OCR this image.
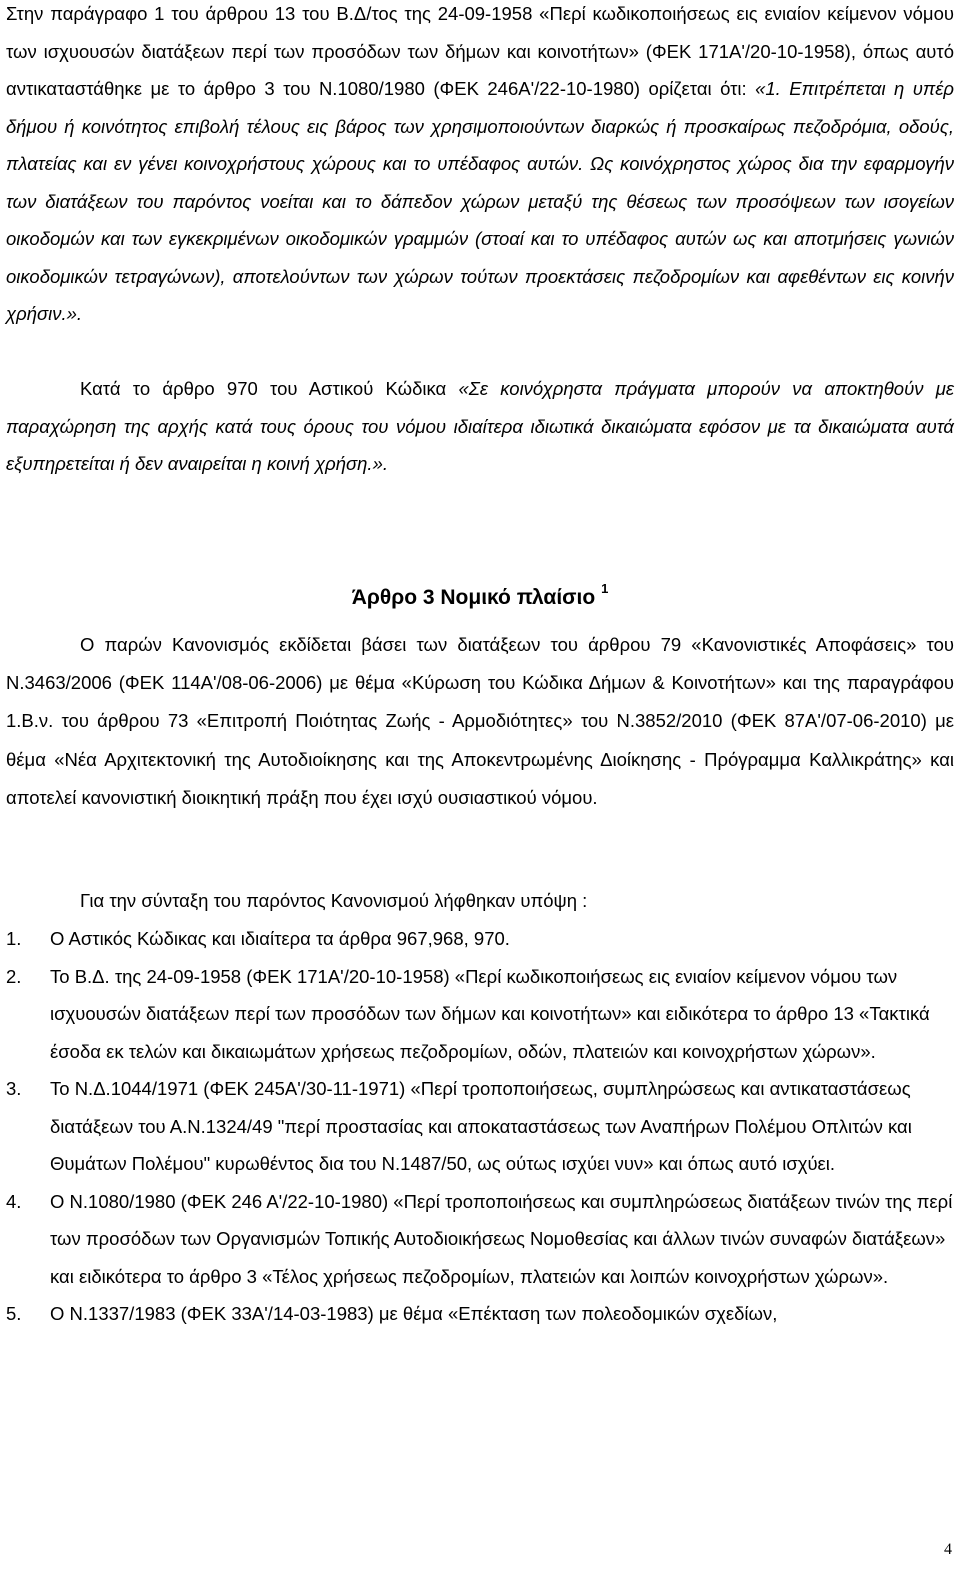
Στην παράγραφο 1 του άρθρου 13 του Β.Δ/τος της 24-09-1958 «Περί κωδικοποιήσεως εις ενιαίον κείμενον νόμου των ισχυουσών διατάξεων περί των προσόδων των δήμων και κοινοτήτων» (ΦΕΚ 171Α'/20-10-1958), όπως αυτό αντικαταστάθηκε με το άρθρο 3 του Ν.1080/1980 (ΦΕΚ 246Α'/22-10-1980) ορίζεται ότι: «1. Επιτρέπεται η υπέρ δήμου ή κοινότητος επιβολή τέλους εις βάρος των χρησιμοποιούντων διαρκώς ή προσκαίρως πεζοδρόμια, οδούς, πλατείας και εν γένει κοινοχρήστους χώρους και το υπέδαφος αυτών. Ως κοινόχρηστος χώρος δια την εφαρμογήν των διατάξεων του παρόντος νοείται και το δάπεδον χώρων μεταξύ της θέσεως των προσόψεων των ισογείων οικοδομών και των εγκεκριμένων οικοδομικών γραμμών (στοαί και το υπέδαφος αυτών ως και αποτμήσεις γωνιών οικοδομικών τετραγώνων), αποτελούντων των χώρων τούτων προεκτάσεις πεζοδρομίων και αφεθέντων εις κοινήν χρήσιν.».
Κατά το άρθρο 970 του Αστικού Κώδικα «Σε κοινόχρηστα πράγματα μπορούν να αποκτηθούν με παραχώρηση της αρχής κατά τους όρους του νόμου ιδιαίτερα ιδιωτικά δικαιώματα εφόσον με τα δικαιώματα αυτά εξυπηρετείται ή δεν αναιρείται η κοινή χρήση.».
Άρθρο 3 Νομικό πλαίσιο $^1$
Ο παρών Κανονισμός εκδίδεται βάσει των διατάξεων του άρθρου 79 «Κανονιστικές Αποφάσεις» του Ν.3463/2006 (ΦΕΚ 114Α'/08-06-2006) με θέμα «Κύρωση του Κώδικα Δήμων & Κοινοτήτων» και της παραγράφου 1.Β.ν. του άρθρου 73 «Επιτροπή Ποιότητας Ζωής - Αρμοδιότητες» του Ν.3852/2010 (ΦΕΚ 87Α'/07-06-2010) με θέμα «Νέα Αρχιτεκτονική της Αυτοδιοίκησης και της Αποκεντρωμένης Διοίκησης - Πρόγραμμα Καλλικράτης» και αποτελεί κανονιστική διοικητική πράξη που έχει ισχύ ουσιαστικού νόμου.
Για την σύνταξη του παρόντος Κανονισμού λήφθηκαν υπόψη :
1. Ο Αστικός Κώδικας και ιδιαίτερα τα άρθρα 967,968, 970.
2. Το Β.Δ. της 24-09-1958 (ΦΕΚ 171Α'/20-10-1958) «Περί κωδικοποιήσεως εις ενιαίον κείμενον νόμου των ισχυουσών διατάξεων περί των προσόδων των δήμων και κοινοτήτων» και ειδικότερα το άρθρο 13 «Τακτικά έσοδα εκ τελών και δικαιωμάτων χρήσεως πεζοδρομίων, οδών, πλατειών και κοινοχρήστων χώρων».
3. Το Ν.Δ.1044/1971 (ΦΕΚ 245Α'/30-11-1971) «Περί τροποποιήσεως, συμπληρώσεως και αντικαταστάσεως διατάξεων του Α.Ν.1324/49 "περί προστασίας και αποκαταστάσεως των Αναπήρων Πολέμου Οπλιτών και Θυμάτων Πολέμου" κυρωθέντος δια του Ν.1487/50, ως ούτως ισχύει νυν» και όπως αυτό ισχύει.
4. Ο Ν.1080/1980 (ΦΕΚ 246 Α'/22-10-1980) «Περί τροποποιήσεως και συμπληρώσεως διατάξεων τινών της περί των προσόδων των Οργανισμών Τοπικής Αυτοδιοικήσεως Νομοθεσίας και άλλων τινών συναφών διατάξεων» και ειδικότερα το άρθρο 3 «Τέλος χρήσεως πεζοδρομίων, πλατειών και λοιπών κοινοχρήστων χώρων».
5. Ο Ν.1337/1983 (ΦΕΚ 33Α'/14-03-1983) με θέμα «Επέκταση των πολεοδομικών σχεδίων,
4
